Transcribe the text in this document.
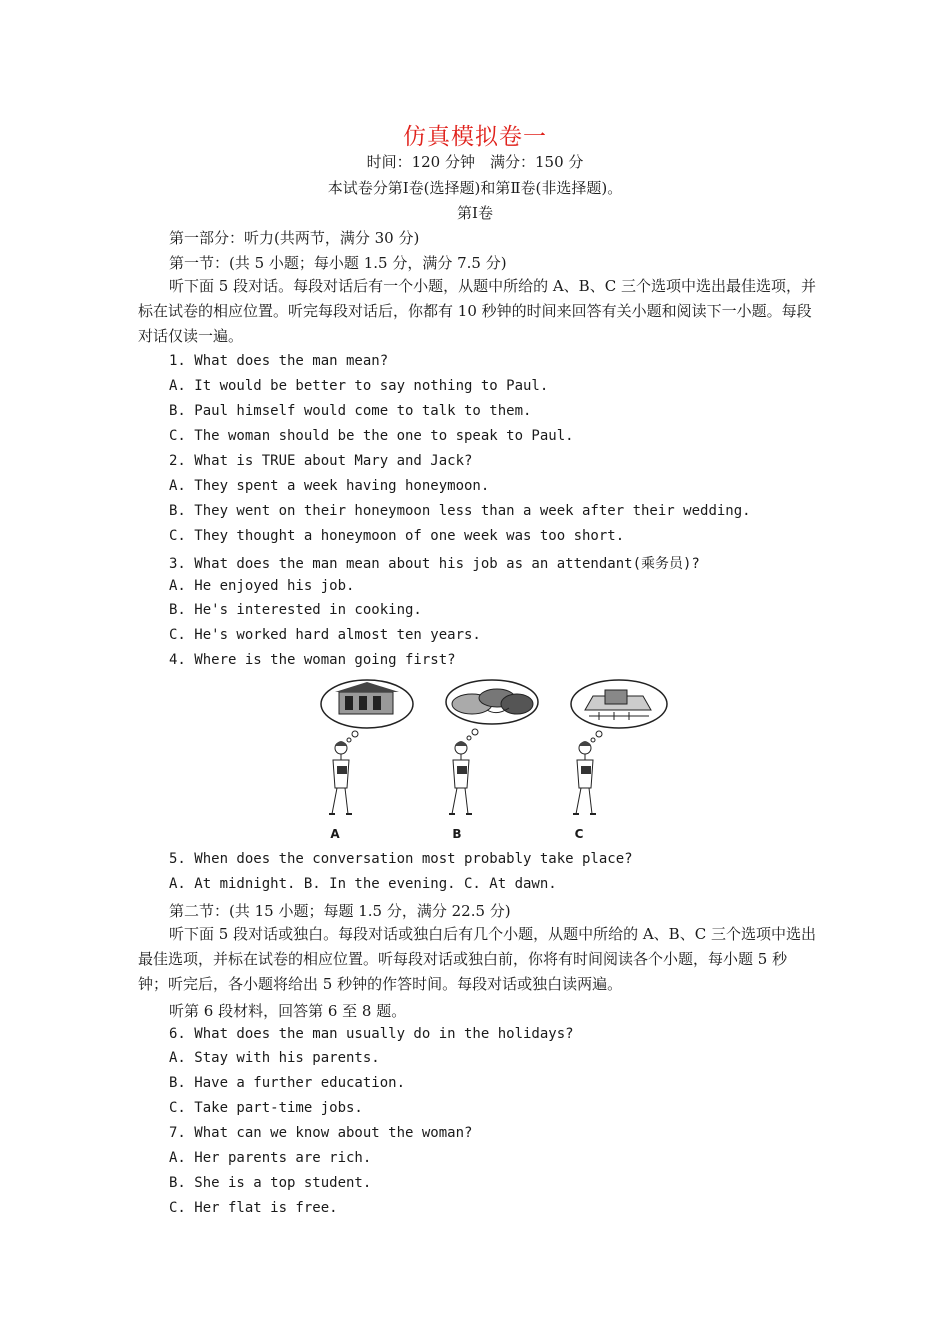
仿真模拟卷一
时间：120 分钟　满分：150 分
本试卷分第Ⅰ卷(选择题)和第Ⅱ卷(非选择题)。
第Ⅰ卷
第一部分：听力(共两节，满分 30 分)
第一节：(共 5 小题；每小题 1.5 分，满分 7.5 分)
听下面 5 段对话。每段对话后有一个小题，从题中所给的 A、B、C 三个选项中选出最佳选项，并标在试卷的相应位置。听完每段对话后，你都有 10 秒钟的时间来回答有关小题和阅读下一小题。每段对话仅读一遍。
1. What does the man mean?
A. It would be better to say nothing to Paul.
B. Paul himself would come to talk to them.
C. The woman should be the one to speak to Paul.
2. What is TRUE about Mary and Jack?
A. They spent a week having honeymoon.
B. They went on their honeymoon less than a week after their wedding.
C. They thought a honeymoon of one week was too short.
3. What does the man mean about his job as an attendant(乘务员)?
A. He enjoyed his job.
B. He's interested in cooking.
C. He's worked hard almost ten years.
4. Where is the woman going first?
A	B	C
5. When does the conversation most probably take place?
A. At midnight. B. In the evening. C. At dawn.
第二节：(共 15 小题；每题 1.5 分，满分 22.5 分)
听下面 5 段对话或独白。每段对话或独白后有几个小题，从题中所给的 A、B、C 三个选项中选出最佳选项，并标在试卷的相应位置。听每段对话或独白前，你将有时间阅读各个小题，每小题 5 秒钟；听完后，各小题将给出 5 秒钟的作答时间。每段对话或独白读两遍。
听第 6 段材料，回答第 6 至 8 题。
6. What does the man usually do in the holidays?
A. Stay with his parents.
B. Have a further education.
C. Take part-time jobs.
7. What can we know about the woman?
A. Her parents are rich.
B. She is a top student.
C. Her flat is free.
